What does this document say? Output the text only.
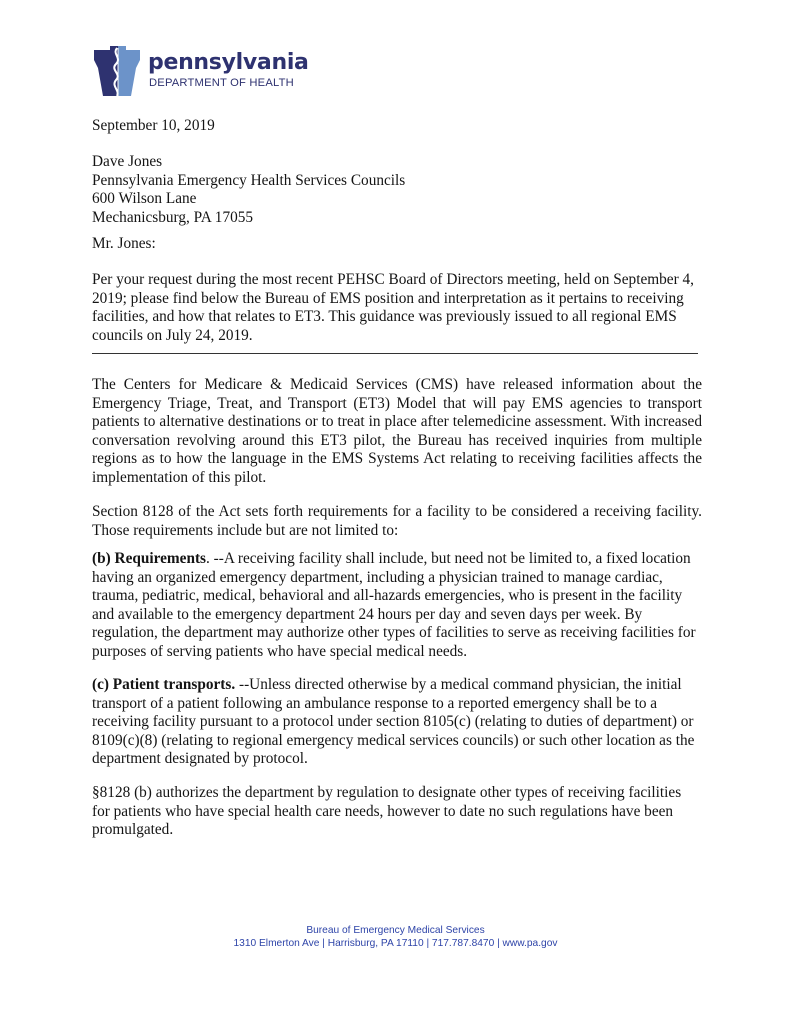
pennsylvania
DEPARTMENT OF HEALTH
September 10, 2019

Dave Jones

Pennsylvania Emergency Health Services Councils

600 Wilson Lane

Mechanicsburg, PA 17055

Mr. Jones:

Per your request during the most recent PEHSC Board of Directors meeting, held on September 4, 2019; please find below the Bureau of EMS position and interpretation as it pertains to receiving facilities, and how that relates to ET3. This guidance was previously issued to all regional EMS councils on July 24, 2019.

The Centers for Medicare & Medicaid Services (CMS) have released information about the Emergency Triage, Treat, and Transport (ET3) Model that will pay EMS agencies to transport patients to alternative destinations or to treat in place after telemedicine assessment. With increased conversation revolving around this ET3 pilot, the Bureau has received inquiries from multiple regions as to how the language in the EMS Systems Act relating to receiving facilities affects the implementation of this pilot.

Section 8128 of the Act sets forth requirements for a facility to be considered a receiving facility. Those requirements include but are not limited to:

(b) Requirements. --A receiving facility shall include, but need not be limited to, a fixed location having an organized emergency department, including a physician trained to manage cardiac, trauma, pediatric, medical, behavioral and all-hazards emergencies, who is present in the facility and available to the emergency department 24 hours per day and seven days per week. By regulation, the department may authorize other types of facilities to serve as receiving facilities for purposes of serving patients who have special medical needs.

(c) Patient transports. --Unless directed otherwise by a medical command physician, the initial transport of a patient following an ambulance response to a reported emergency shall be to a receiving facility pursuant to a protocol under section 8105(c) (relating to duties of department) or 8109(c)(8) (relating to regional emergency medical services councils) or such other location as the department designated by protocol.

§8128 (b) authorizes the department by regulation to designate other types of receiving facilities for patients who have special health care needs, however to date no such regulations have been promulgated.

Bureau of Emergency Medical Services
1310 Elmerton Ave | Harrisburg, PA 17110 | 717.787.8470 | www.pa.gov
